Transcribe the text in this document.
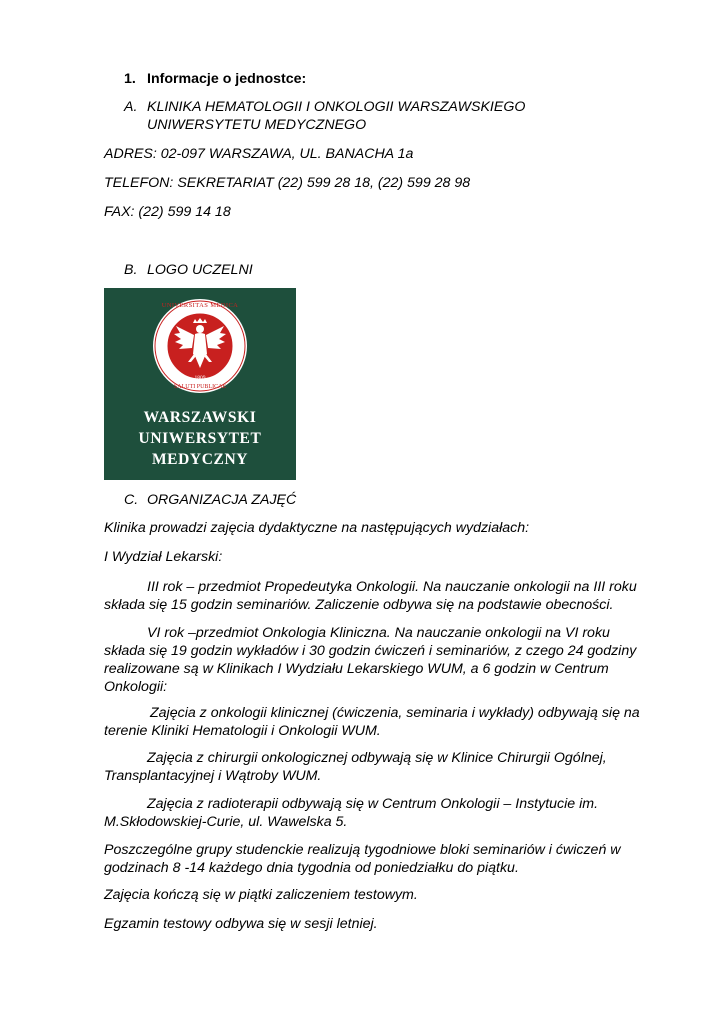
1. Informacje o jednostce:
A. KLINIKA HEMATOLOGII I ONKOLOGII WARSZAWSKIEGO
UNIWERSYTETU MEDYCZNEGO
ADRES: 02-097 WARSZAWA, UL. BANACHA 1a
TELEFON: SEKRETARIAT (22) 599 28 18, (22) 599 28 98
FAX: (22) 599 14 18
B. LOGO UCZELNI
UNIVERSITAS MEDICA
SALUTI PUBLICAE
1809
WARSZAWSKI
UNIWERSYTET
MEDYCZNY
C. ORGANIZACJA ZAJĘĆ
Klinika prowadzi zajęcia dydaktyczne na następujących wydziałach:
I Wydział Lekarski:
III rok – przedmiot Propedeutyka Onkologii. Na nauczanie onkologii na III roku
składa się 15 godzin seminariów. Zaliczenie odbywa się na podstawie obecności.
VI rok –przedmiot Onkologia Kliniczna. Na nauczanie onkologii na VI roku
składa się 19 godzin wykładów i 30 godzin ćwiczeń i seminariów, z czego 24 godziny
realizowane są w Klinikach I Wydziału Lekarskiego WUM, a 6 godzin w Centrum
Onkologii:
Zajęcia z onkologii klinicznej (ćwiczenia, seminaria i wykłady) odbywają się na
terenie Kliniki Hematologii i Onkologii WUM.
Zajęcia z chirurgii onkologicznej odbywają się w Klinice Chirurgii Ogólnej,
Transplantacyjnej i Wątroby WUM.
Zajęcia z radioterapii odbywają się w Centrum Onkologii – Instytucie im.
M.Skłodowskiej-Curie, ul. Wawelska 5.
Poszczególne grupy studenckie realizują tygodniowe bloki seminariów i ćwiczeń w
godzinach 8 -14 każdego dnia tygodnia od poniedziałku do piątku.
Zajęcia kończą się w piątki zaliczeniem testowym.
Egzamin testowy odbywa się w sesji letniej.
